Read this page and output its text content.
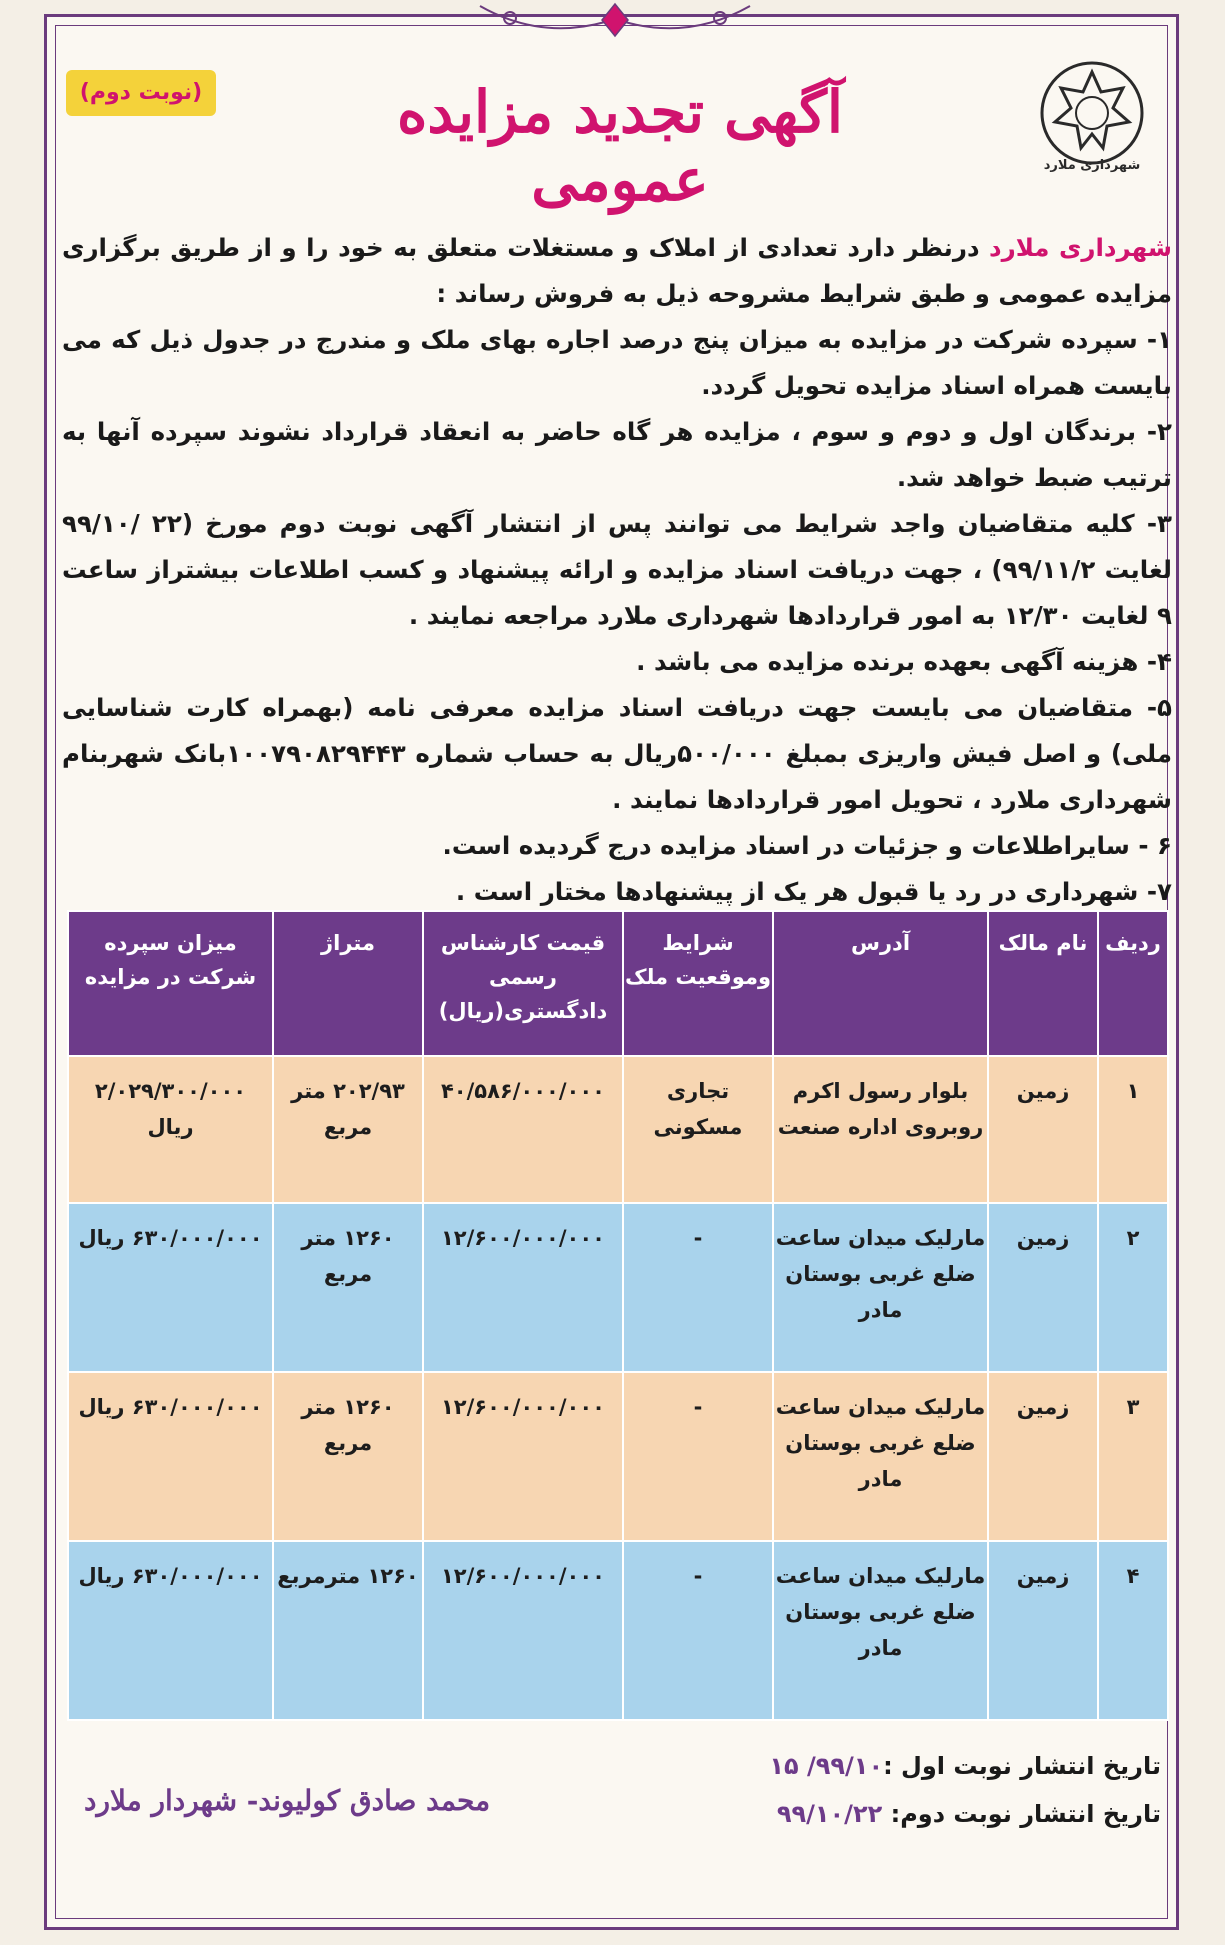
شهرداری ملارد
آگهی تجدید مزایده عمومی
(نوبت دوم)

شهرداری ملارد درنظر دارد تعدادی از املاک و مستغلات متعلق به خود را و از طریق برگزاری مزایده عمومی و طبق شرایط مشروحه ذیل به فروش رساند :

۱- سپرده شرکت در مزایده به میزان پنج درصد اجاره بهای ملک و مندرج در جدول ذیل که می بایست همراه اسناد مزایده تحویل گردد.

۲- برندگان اول و دوم و سوم ، مزایده هر گاه حاضر به انعقاد قرارداد نشوند سپرده آنها به ترتیب ضبط خواهد شد.

۳- کلیه متقاضیان واجد شرایط می توانند پس از انتشار آگهی نوبت دوم مورخ (۲۲ /۹۹/۱۰ لغایت ۹۹/۱۱/۲) ، جهت دریافت اسناد مزایده و ارائه پیشنهاد و کسب اطلاعات بیشتراز ساعت ۹ لغایت ۱۲/۳۰ به امور قراردادها شهرداری ملارد مراجعه نمایند .

۴- هزینه آگهی بعهده برنده مزایده می باشد .

۵- متقاضیان می بایست جهت دریافت اسناد مزایده معرفی نامه (بهمراه کارت شناسایی ملی) و اصل فیش واریزی بمبلغ ۵۰۰/۰۰۰ریال به حساب شماره ۱۰۰۷۹۰۸۲۹۴۴۳بانک شهربنام شهرداری ملارد ، تحویل امور قراردادها نمایند .

۶ - سایراطلاعات و جزئیات در اسناد مزایده درج گردیده است.

۷- شهرداری در رد یا قبول هر یک از پیشنهادها مختار است .

ردیف	نام مالک	آدرس	شرایط وموقعیت ملک	قیمت کارشناس رسمی دادگستری(ریال)	متراژ	میزان سپرده شرکت در مزایده
۱	زمین	بلوار رسول اکرم روبروی اداره صنعت	تجاری مسکونی	۴۰/۵۸۶/۰۰۰/۰۰۰	۲۰۲/۹۳ متر مربع	۲/۰۲۹/۳۰۰/۰۰۰ ریال
۲	زمین	مارلیک میدان ساعت ضلع غربی بوستان مادر	-	۱۲/۶۰۰/۰۰۰/۰۰۰	۱۲۶۰ متر مربع	۶۳۰/۰۰۰/۰۰۰ ریال
۳	زمین	مارلیک میدان ساعت ضلع غربی بوستان مادر	-	۱۲/۶۰۰/۰۰۰/۰۰۰	۱۲۶۰ متر مربع	۶۳۰/۰۰۰/۰۰۰ ریال
۴	زمین	مارلیک میدان ساعت ضلع غربی بوستان مادر	-	۱۲/۶۰۰/۰۰۰/۰۰۰	۱۲۶۰ مترمربع	۶۳۰/۰۰۰/۰۰۰ ریال
تاریخ انتشار نوبت اول :۹۹/۱۰/ ۱۵
تاریخ انتشار نوبت دوم: ۹۹/۱۰/۲۲
محمد صادق کولیوند- شهردار ملارد
